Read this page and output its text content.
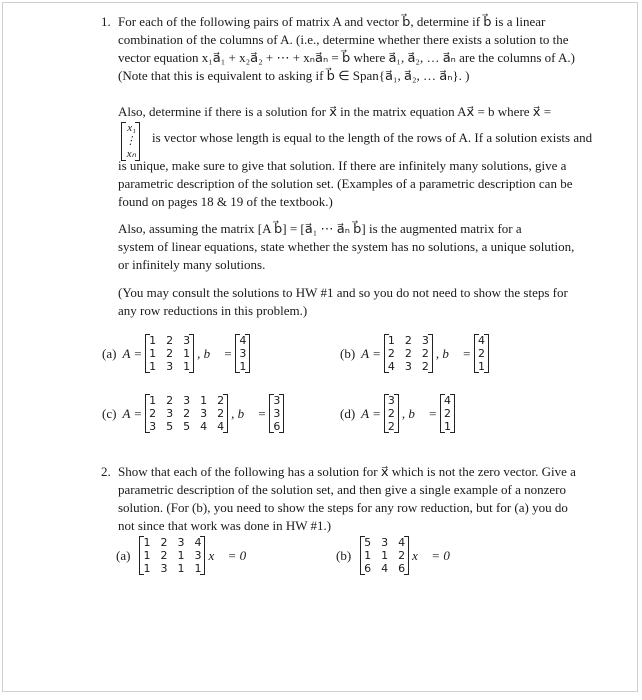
1. For each of the following pairs of matrix A and vector b⃗, determine if b⃗ is a linear
combination of the columns of A. (i.e., determine whether there exists a solution to the
vector equation x₁a⃗₁ + x₂a⃗₂ + ⋯ + xₙa⃗ₙ = b⃗ where a⃗₁, a⃗₂, … a⃗ₙ are the columns of A.)
(Note that this is equivalent to asking if b⃗ ∈ Span{a⃗₁, a⃗₂, … a⃗ₙ}. )
Also, determine if there is a solution for x⃗ in the matrix equation Ax⃗ = b where x⃗ =
x₁
⋮
xₙ
is vector whose length is equal to the length of the rows of A. If a solution exists and
is unique, make sure to give that solution. If there are infinitely many solutions, give a
parametric description of the solution set. (Examples of a parametric description can be
found on pages 18 & 19 of the textbook.)
Also, assuming the matrix [A b⃗] = [a⃗₁ ⋯ a⃗ₙ b⃗] is the augmented matrix for a
system of linear equations, state whether the system has no solutions, a unique solution,
or infinitely many solutions.
(You may consult the solutions to HW #1 and so you do not need to show the steps for
any row reductions in this problem.)
(a) A =
1 2 3
1 2 1
1 3 1
, b⃗ =
4
3
1
(b) A =
1 2 3
2 2 2
4 3 2
, b⃗ =
4
2
1
(c) A =
1 2 3 1 2
2 3 2 3 2
3 5 5 4 4
, b⃗ =
3
3
6
(d) A =
3
2
2
, b⃗ =
4
2
1
2. Show that each of the following has a solution for x⃗ which is not the zero vector. Give a
parametric description of the solution set, and then give a single example of a nonzero
solution. (For (b), you need to show the steps for any row reduction, but for (a) you do
not since that work was done in HW #1.)
(a)
1 2 3 4
1 2 1 3
1 3 1 1
x⃗ = 0⃗	(b)
5 3 4
1 1 2
6 4 6
x⃗ = 0⃗
